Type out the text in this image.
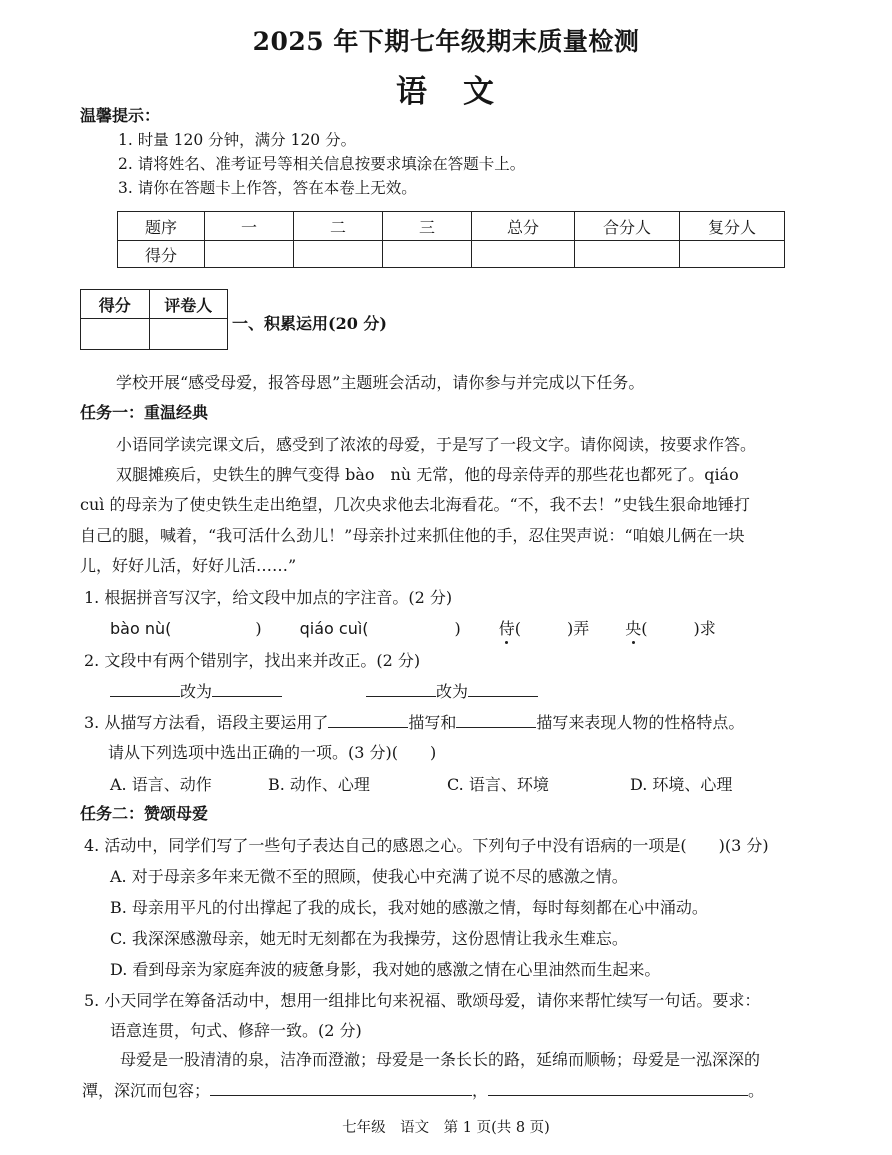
2025 年下期七年级期末质量检测
语文
温馨提示：
1. 时量 120 分钟，满分 120 分。
2. 请将姓名、准考证号等相关信息按要求填涂在答题卡上。
3. 请你在答题卡上作答，答在本卷上无效。
题序	一	二	三	总分	合分人	复分人
得分						
得分	评卷人

一、积累运用(20 分)
学校开展“感受母爱，报答母恩”主题班会活动，请你参与并完成以下任务。
任务一：重温经典
小语同学读完课文后，感受到了浓浓的母爱，于是写了一段文字。请你阅读，按要求作答。
双腿摊痪后，史铁生的脾气变得 bào　nù 无常，他的母亲侍弄的那些花也都死了。qiáo
cuì 的母亲为了使史铁生走出绝望，几次央求他去北海看花。“不，我不去！”史钱生狠命地锤打
自己的腿，喊着，“我可活什么劲儿！”母亲扑过来抓住他的手，忍住哭声说：“咱娘儿俩在一块
儿，好好儿活，好好儿活……”
1. 根据拼音写汉字，给文段中加点的字注音。(2 分)
bào nù(	) qiáo cuì(	) 侍(	)弄 央(	)求
2. 文段中有两个错别字，找出来并改正。(2 分)
改为	改为
3. 从描写方法看，语段主要运用了	描写和	描写来表现人物的性格特点。
请从下列选项中选出正确的一项。(3 分)(　　)
A. 语言、动作	B. 动作、心理	C. 语言、环境	D. 环境、心理
任务二：赞颂母爱
4. 活动中，同学们写了一些句子表达自己的感恩之心。下列句子中没有语病的一项是(　　)(3 分)
A. 对于母亲多年来无微不至的照顾，使我心中充满了说不尽的感激之情。
B. 母亲用平凡的付出撑起了我的成长，我对她的感激之情，每时每刻都在心中涌动。
C. 我深深感激母亲，她无时无刻都在为我操劳，这份恩情让我永生难忘。
D. 看到母亲为家庭奔波的疲惫身影，我对她的感激之情在心里油然而生起来。
5. 小天同学在筹备活动中，想用一组排比句来祝福、歌颂母爱，请你来帮忙续写一句话。要求：
语意连贯，句式、修辞一致。(2 分)
母爱是一股清清的泉，洁净而澄澈；母爱是一条长长的路，延绵而顺畅；母爱是一泓深深的
潭，深沉而包容；	，	。
七年级　语文　第 1 页(共 8 页)
